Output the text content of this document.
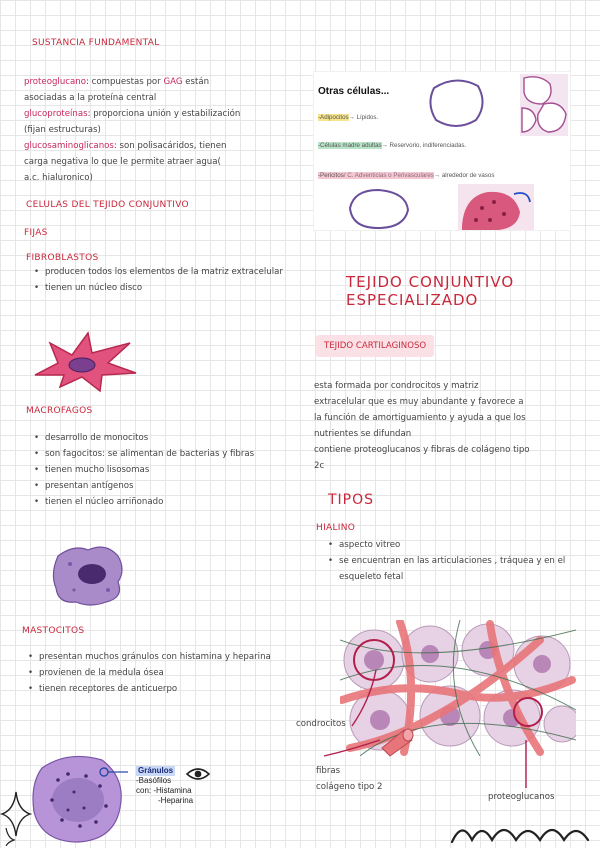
SUSTANCIA FUNDAMENTAL
proteoglucano: compuestas por GAG están
asociadas a la proteína central
glucoproteínas: proporciona unión y estabilización
(fijan estructuras)
glucosaminoglicanos: son polisacáridos, tienen
carga negativa lo que le permite atraer agua(
a.c. hialuronico)
CELULAS DEL TEJIDO CONJUNTIVO
FIJAS
FIBROBLASTOS
• producen todos los elementos de la matriz extracelular
• tienen un núcleo disco
MACROFAGOS
• desarrollo de monocitos
• son fagocitos: se alimentan de bacterias y fibras
• tienen mucho lisosomas
• presentan antígenos
• tienen el núcleo arriñonado
MASTOCITOS
• presentan muchos gránulos con histamina y heparina
• provienen de la medula ósea
• tienen receptores de anticuerpo
Gránulos
-Basófilos
con: -Histamina
-Heparina
Otras células...
-Adipocitos→ Lípidos.
-Células madre adultas→ Reservorio, indiferenciadas.
-Pericitos/ C. Adventicias o Perivasculares→ alrededor de vasos
TEJIDO CONJUNTIVO
ESPECIALIZADO
TEJIDO CARTILAGINOSO
esta formada por condrocitos y matriz
extracelular que es muy abundante y favorece a
la función de amortiguamiento y ayuda a que los
nutrientes se difundan
contiene proteoglucanos y fibras de colágeno tipo
2c
TIPOS
HIALINO
• aspecto vitreo
• se encuentran en las articulaciones , tráquea y en el esqueleto fetal
condrocitos
fibras
colágeno tipo 2
proteoglucanos
